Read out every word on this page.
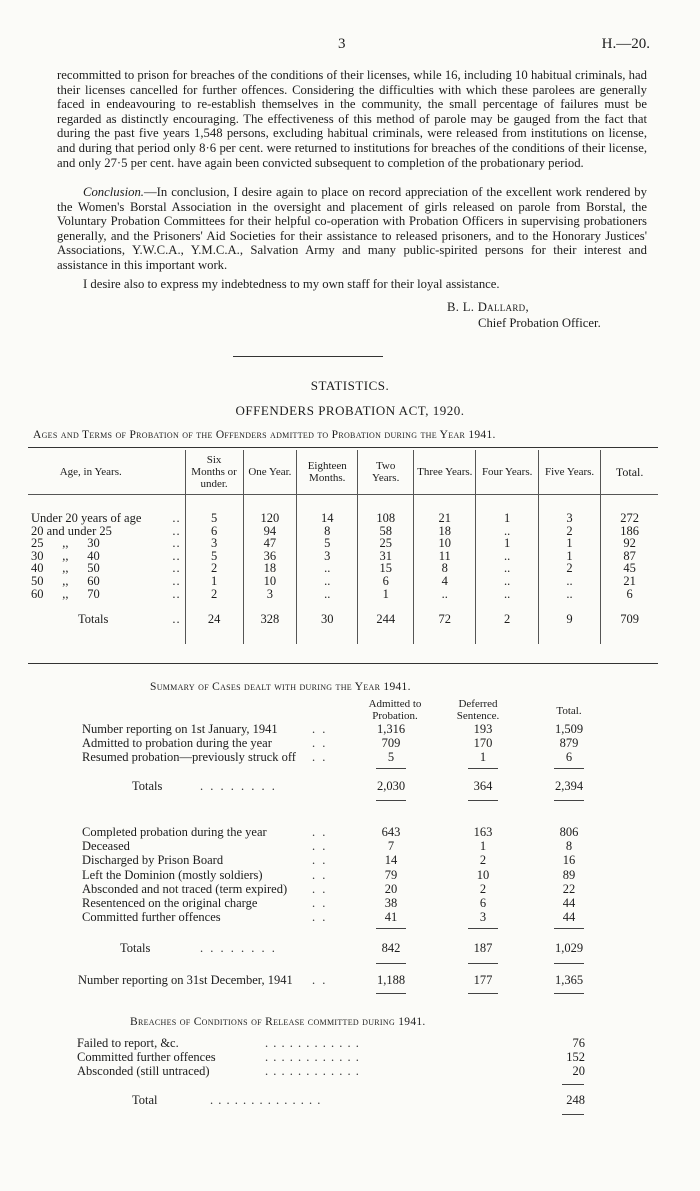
3	H.—20.

recommitted to prison for breaches of the conditions of their licenses, while 16, including 10 habitual criminals, had their licenses cancelled for further offences. Considering the difficulties with which these parolees are generally faced in endeavouring to re-establish themselves in the community, the small percentage of failures must be regarded as distinctly encouraging. The effectiveness of this method of parole may be gauged from the fact that during the past five years 1,548 persons, excluding habitual criminals, were released from institutions on license, and during that period only 8·6 per cent. were returned to institutions for breaches of the conditions of their license, and only 27·5 per cent. have again been convicted subsequent to completion of the probationary period.

Conclusion.—In conclusion, I desire again to place on record appreciation of the excellent work rendered by the Women's Borstal Association in the oversight and placement of girls released on parole from Borstal, the Voluntary Probation Committees for their helpful co-operation with Probation Officers in supervising probationers generally, and the Prisoners' Aid Societies for their assistance to released prisoners, and to the Honorary Justices' Associations, Y.W.C.A., Y.M.C.A., Salvation Army and many public-spirited persons for their interest and assistance in this important work.

I desire also to express my indebtedness to my own staff for their loyal assistance.

B. L. Dallard,
Chief Probation Officer.
STATISTICS.
OFFENDERS PROBATION ACT, 1920.
Ages and Terms of Probation of the Offenders admitted to Probation during the Year 1941.
Age, in Years.		Six Months or under.	One Year.	Eighteen Months.	Two Years.	Three Years.	Four Years.	Five Years.	Total.

Under 20 years of age	..	5	120	14	108	21	1	3	272
20 and under 25	..	6	94	8	58	18	..	2	186
25      ,,      30	..	3	47	5	25	10	1	1	92
30      ,,      40	..	5	36	3	31	11	..	1	87
40      ,,      50	..	2	18	..	15	8	..	2	45
50      ,,      60	..	1	10	..	6	4	..	..	21
60      ,,      70	..	2	3	..	1	..	..	..	6

Totals	..	24	328	30	244	72	2	9	709

Summary of Cases dealt with during the Year 1941.
Admitted to Probation.
Deferred Sentence.	Total.
Number reporting on 1st January, 1941	. .	1,316	193	1,509
Admitted to probation during the year	. .	709	170	879
Resumed probation—previously struck off . .	5	1	6
Totals	. . . . . . . .	2,030	364	2,394
Completed probation during the year	. .	643	163	806
Deceased	. .	7	1	8
Discharged by Prison Board	. .	14	2	16
Left the Dominion (mostly soldiers)	. .	79	10	89
Absconded and not traced (term expired) . .	20	2	22
Resentenced on the original charge	. .	38	6	44
Committed further offences	. .	41	3	44
Totals	. . . . . . . .	842	187	1,029
Number reporting on 31st December, 1941 . .	1,188	177	1,365
Breaches of Conditions of Release committed during 1941.
Failed to report, &c.	. . . . . . . . . . . .	76
Committed further offences	. . . . . . . . . . . .	152
Absconded (still untraced)	. . . . . . . . . . . .	20
Total	. . . . . . . . . . . . . .	248
